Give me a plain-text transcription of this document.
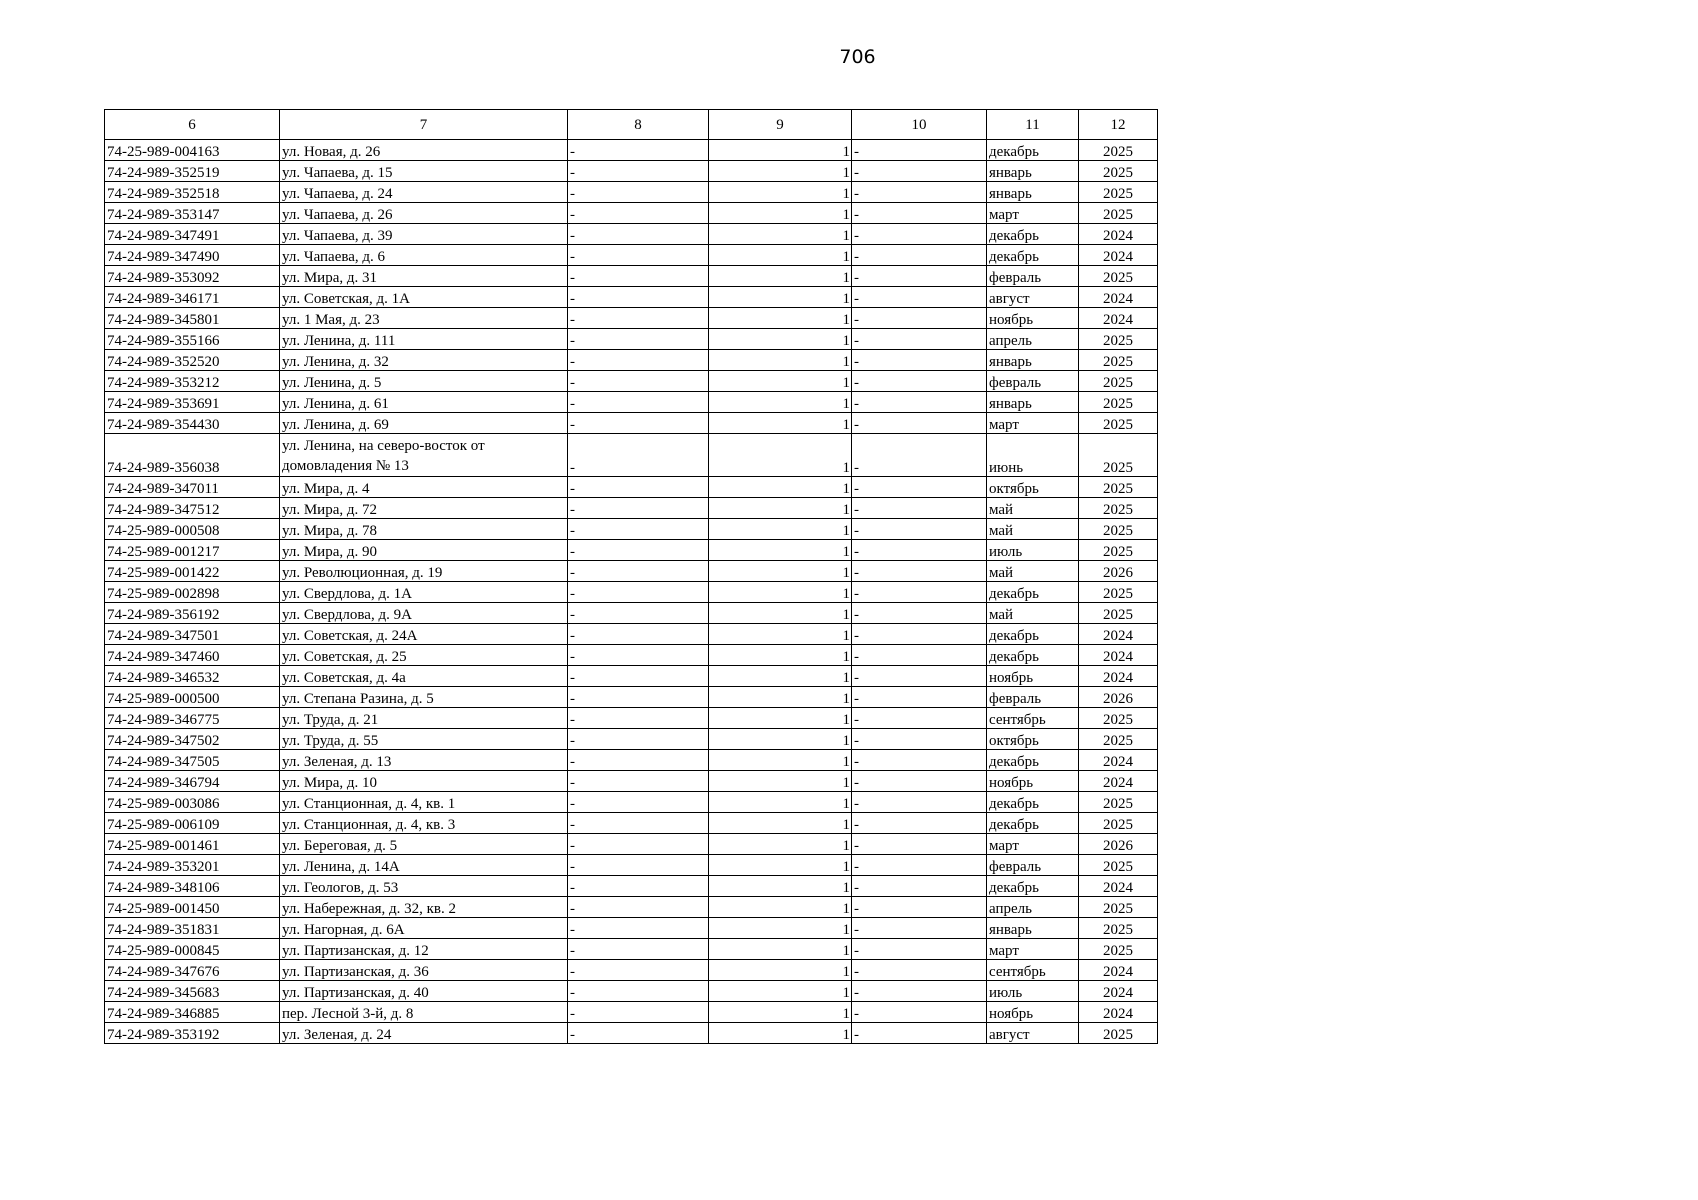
706
6	7	8	9	10	11	12
74-25-989-004163	ул. Новая, д. 26	-	1	-	декабрь	2025
74-24-989-352519	ул. Чапаева, д. 15	-	1	-	январь	2025
74-24-989-352518	ул. Чапаева, д. 24	-	1	-	январь	2025
74-24-989-353147	ул. Чапаева, д. 26	-	1	-	март	2025
74-24-989-347491	ул. Чапаева, д. 39	-	1	-	декабрь	2024
74-24-989-347490	ул. Чапаева, д. 6	-	1	-	декабрь	2024
74-24-989-353092	ул. Мира, д. 31	-	1	-	февраль	2025
74-24-989-346171	ул. Советская, д. 1А	-	1	-	август	2024
74-24-989-345801	ул. 1 Мая, д. 23	-	1	-	ноябрь	2024
74-24-989-355166	ул. Ленина, д. 111	-	1	-	апрель	2025
74-24-989-352520	ул. Ленина, д. 32	-	1	-	январь	2025
74-24-989-353212	ул. Ленина, д. 5	-	1	-	февраль	2025
74-24-989-353691	ул. Ленина, д. 61	-	1	-	январь	2025
74-24-989-354430	ул. Ленина, д. 69	-	1	-	март	2025
74-24-989-356038	ул. Ленина, на северо-восток от домовладения № 13	-	1	-	июнь	2025
74-24-989-347011	ул. Мира, д. 4	-	1	-	октябрь	2025
74-24-989-347512	ул. Мира, д. 72	-	1	-	май	2025
74-25-989-000508	ул. Мира, д. 78	-	1	-	май	2025
74-25-989-001217	ул. Мира, д. 90	-	1	-	июль	2025
74-25-989-001422	ул. Революционная, д. 19	-	1	-	май	2026
74-25-989-002898	ул. Свердлова, д. 1А	-	1	-	декабрь	2025
74-24-989-356192	ул. Свердлова, д. 9А	-	1	-	май	2025
74-24-989-347501	ул. Советская, д. 24А	-	1	-	декабрь	2024
74-24-989-347460	ул. Советская, д. 25	-	1	-	декабрь	2024
74-24-989-346532	ул. Советская, д. 4а	-	1	-	ноябрь	2024
74-25-989-000500	ул. Степана Разина, д. 5	-	1	-	февраль	2026
74-24-989-346775	ул. Труда, д. 21	-	1	-	сентябрь	2025
74-24-989-347502	ул. Труда, д. 55	-	1	-	октябрь	2025
74-24-989-347505	ул. Зеленая, д. 13	-	1	-	декабрь	2024
74-24-989-346794	ул. Мира, д. 10	-	1	-	ноябрь	2024
74-25-989-003086	ул. Станционная, д. 4, кв. 1	-	1	-	декабрь	2025
74-25-989-006109	ул. Станционная, д. 4, кв. 3	-	1	-	декабрь	2025
74-25-989-001461	ул. Береговая, д. 5	-	1	-	март	2026
74-24-989-353201	ул. Ленина, д. 14А	-	1	-	февраль	2025
74-24-989-348106	ул. Геологов, д. 53	-	1	-	декабрь	2024
74-25-989-001450	ул. Набережная, д. 32, кв. 2	-	1	-	апрель	2025
74-24-989-351831	ул. Нагорная, д. 6А	-	1	-	январь	2025
74-25-989-000845	ул. Партизанская, д. 12	-	1	-	март	2025
74-24-989-347676	ул. Партизанская, д. 36	-	1	-	сентябрь	2024
74-24-989-345683	ул. Партизанская, д. 40	-	1	-	июль	2024
74-24-989-346885	пер. Лесной 3-й, д. 8	-	1	-	ноябрь	2024
74-24-989-353192	ул. Зеленая, д. 24	-	1	-	август	2025
